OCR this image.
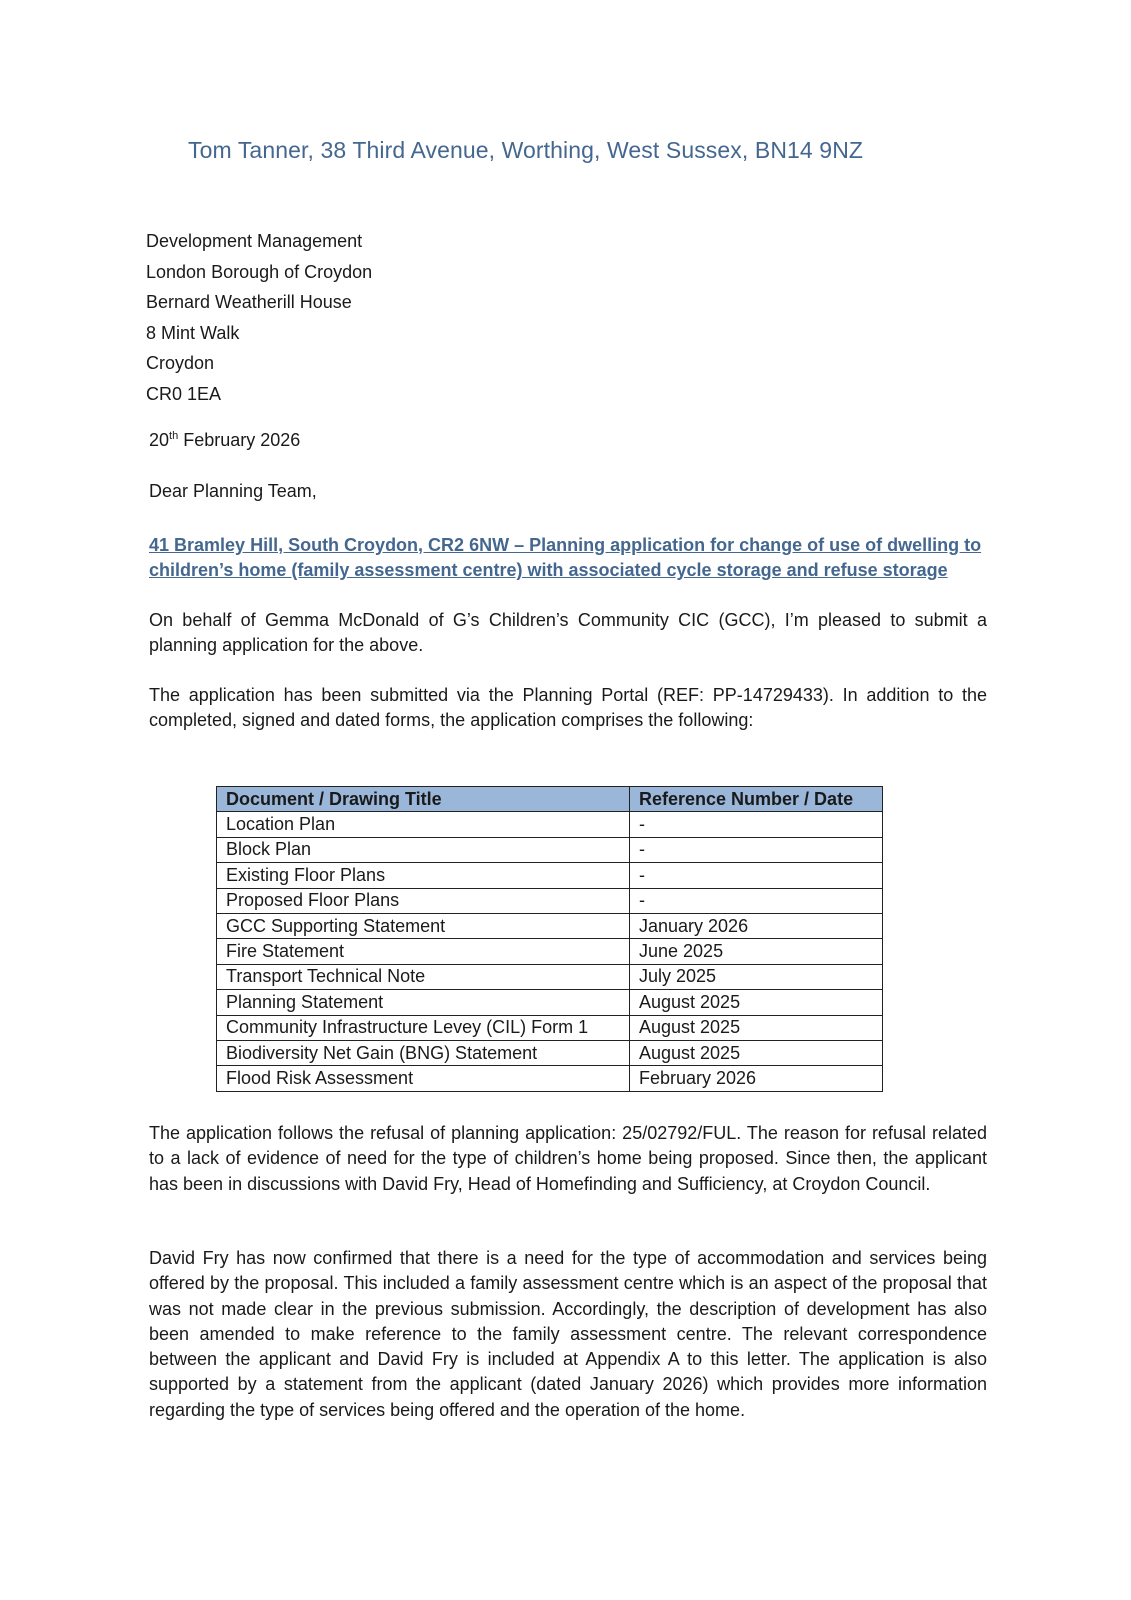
Tom Tanner, 38 Third Avenue, Worthing, West Sussex, BN14 9NZ
Development Management
London Borough of Croydon
Bernard Weatherill House
8 Mint Walk
Croydon
CR0 1EA
20th February 2026
Dear Planning Team,
41 Bramley Hill, South Croydon, CR2 6NW – Planning application for change of use of dwelling to children’s home (family assessment centre) with associated cycle storage and refuse storage
On behalf of Gemma McDonald of G’s Children’s Community CIC (GCC), I’m pleased to submit a planning application for the above.
The application has been submitted via the Planning Portal (REF: PP-14729433). In addition to the completed, signed and dated forms, the application comprises the following:
Document / Drawing Title	Reference Number / Date
Location Plan	-
Block Plan	-
Existing Floor Plans	-
Proposed Floor Plans	-
GCC Supporting Statement	January 2026
Fire Statement	June 2025
Transport Technical Note	July 2025
Planning Statement	August 2025
Community Infrastructure Levey (CIL) Form 1	August 2025
Biodiversity Net Gain (BNG) Statement	August 2025
Flood Risk Assessment	February 2026
The application follows the refusal of planning application: 25/02792/FUL. The reason for refusal related to a lack of evidence of need for the type of children’s home being proposed. Since then, the applicant has been in discussions with David Fry, Head of Homefinding and Sufficiency, at Croydon Council.
David Fry has now confirmed that there is a need for the type of accommodation and services being offered by the proposal. This included a family assessment centre which is an aspect of the proposal that was not made clear in the previous submission. Accordingly, the description of development has also been amended to make reference to the family assessment centre. The relevant correspondence between the applicant and David Fry is included at Appendix A to this letter. The application is also supported by a statement from the applicant (dated January 2026) which provides more information regarding the type of services being offered and the operation of the home.
